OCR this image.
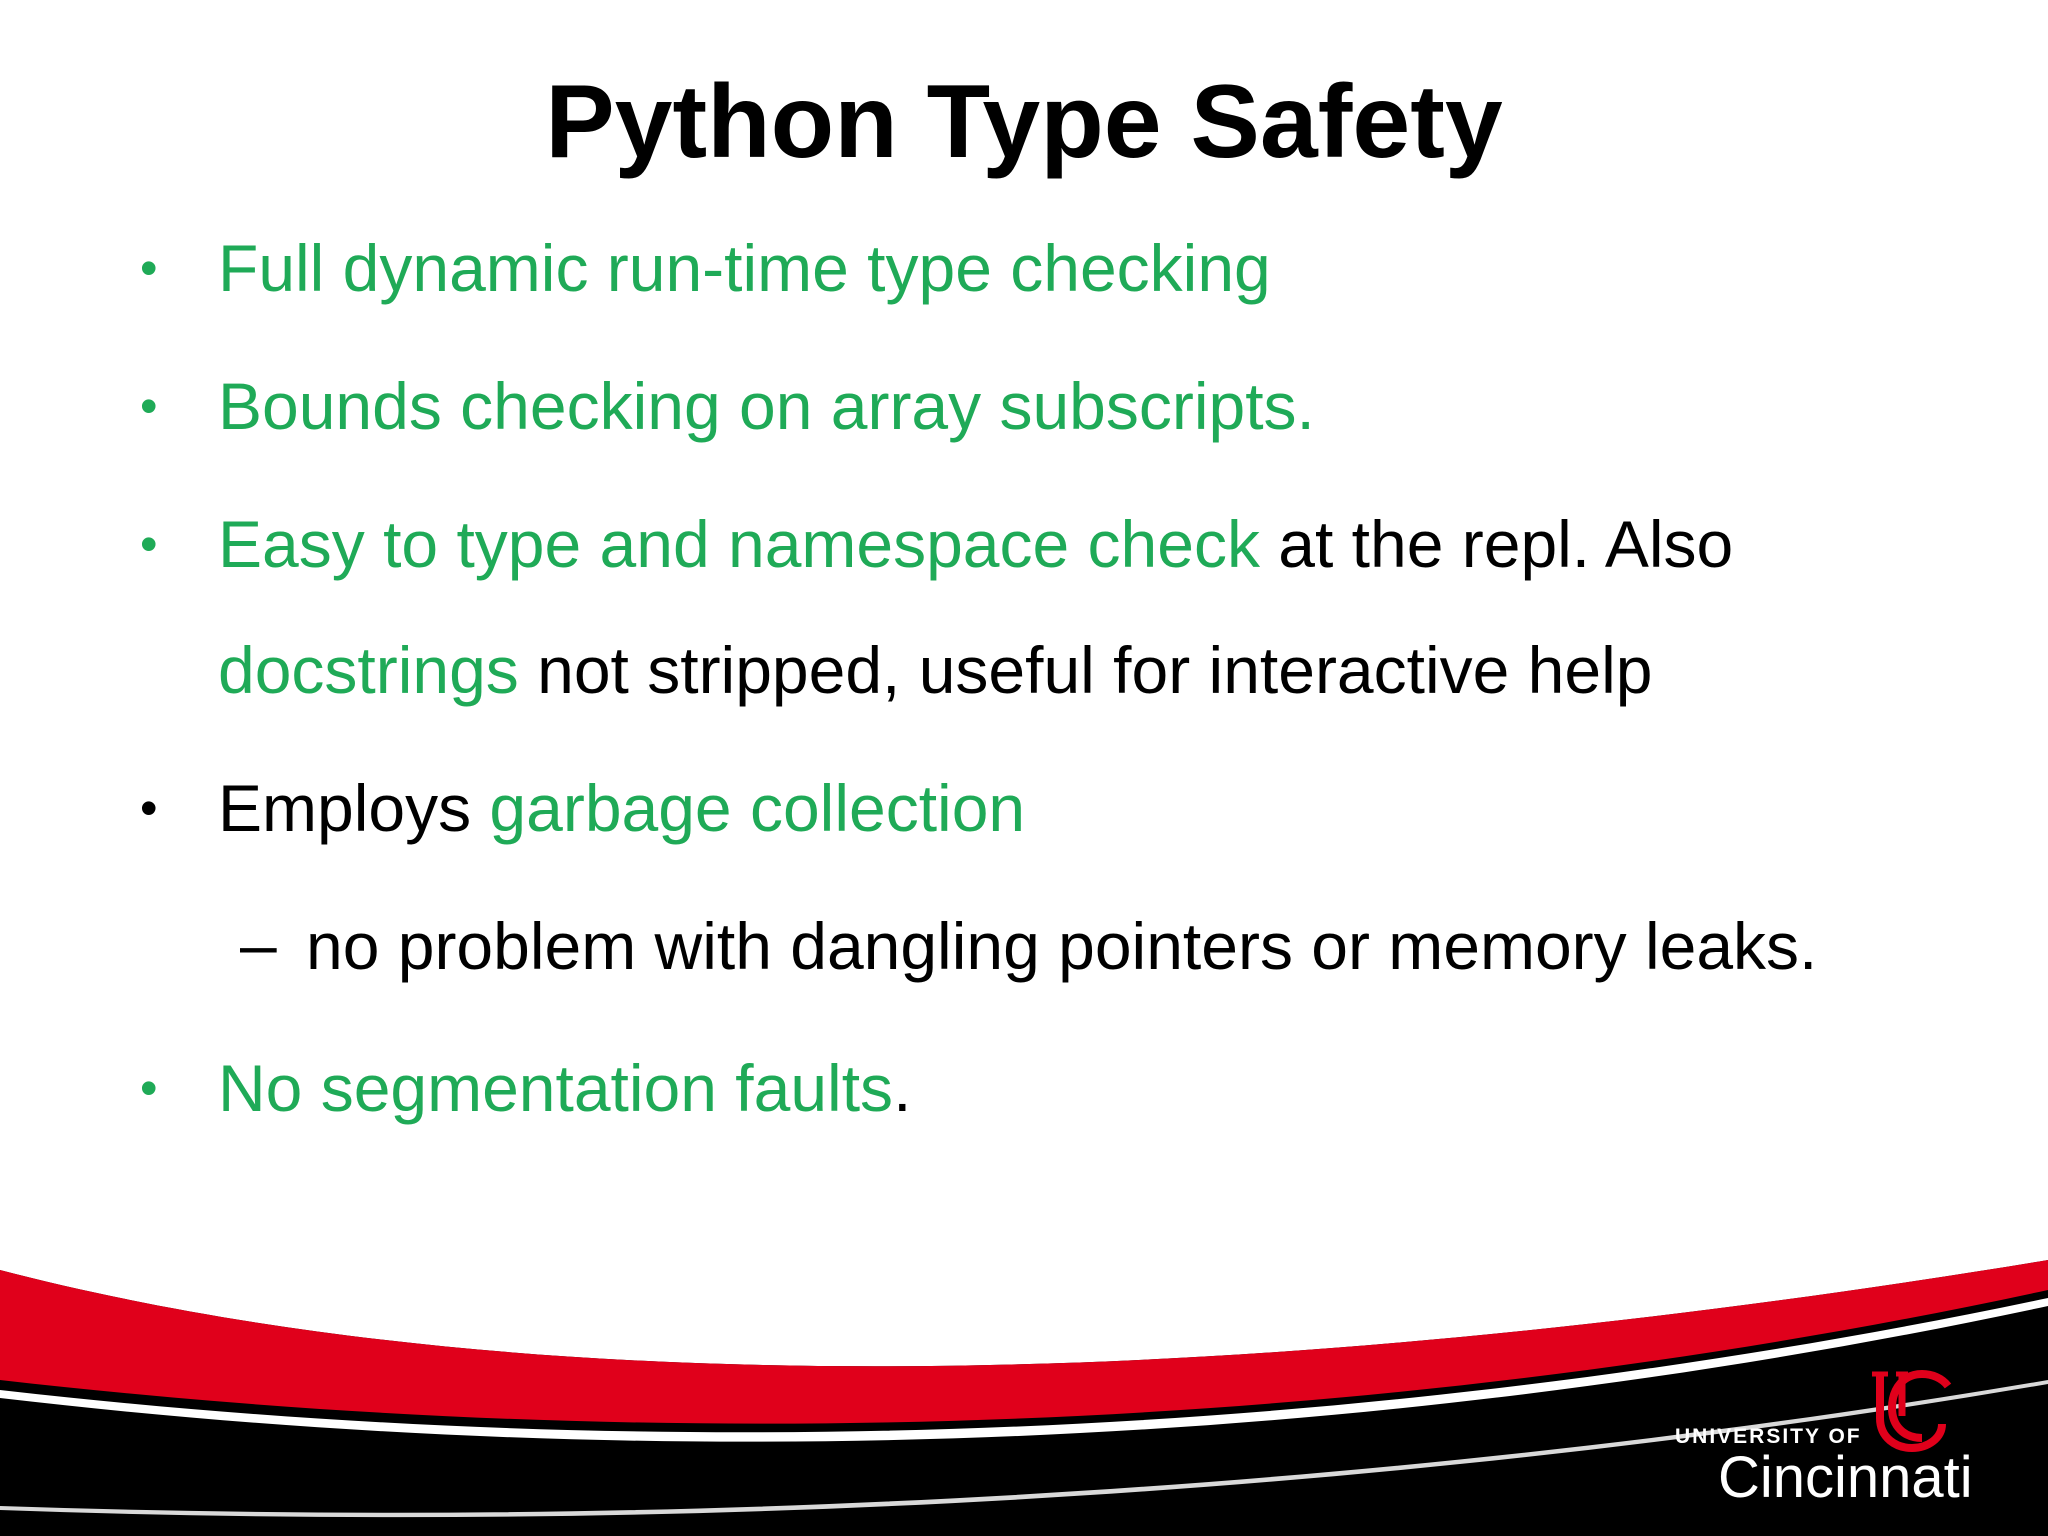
Python Type Safety
• Full dynamic run-time type checking
• Bounds checking on array subscripts.
• Easy to type and namespace check at the repl. Also
docstrings not stripped, useful for interactive help
• Employs garbage collection
– no problem with dangling pointers or memory leaks.
• No segmentation faults.
UNIVERSITY OF
Cincinnati
